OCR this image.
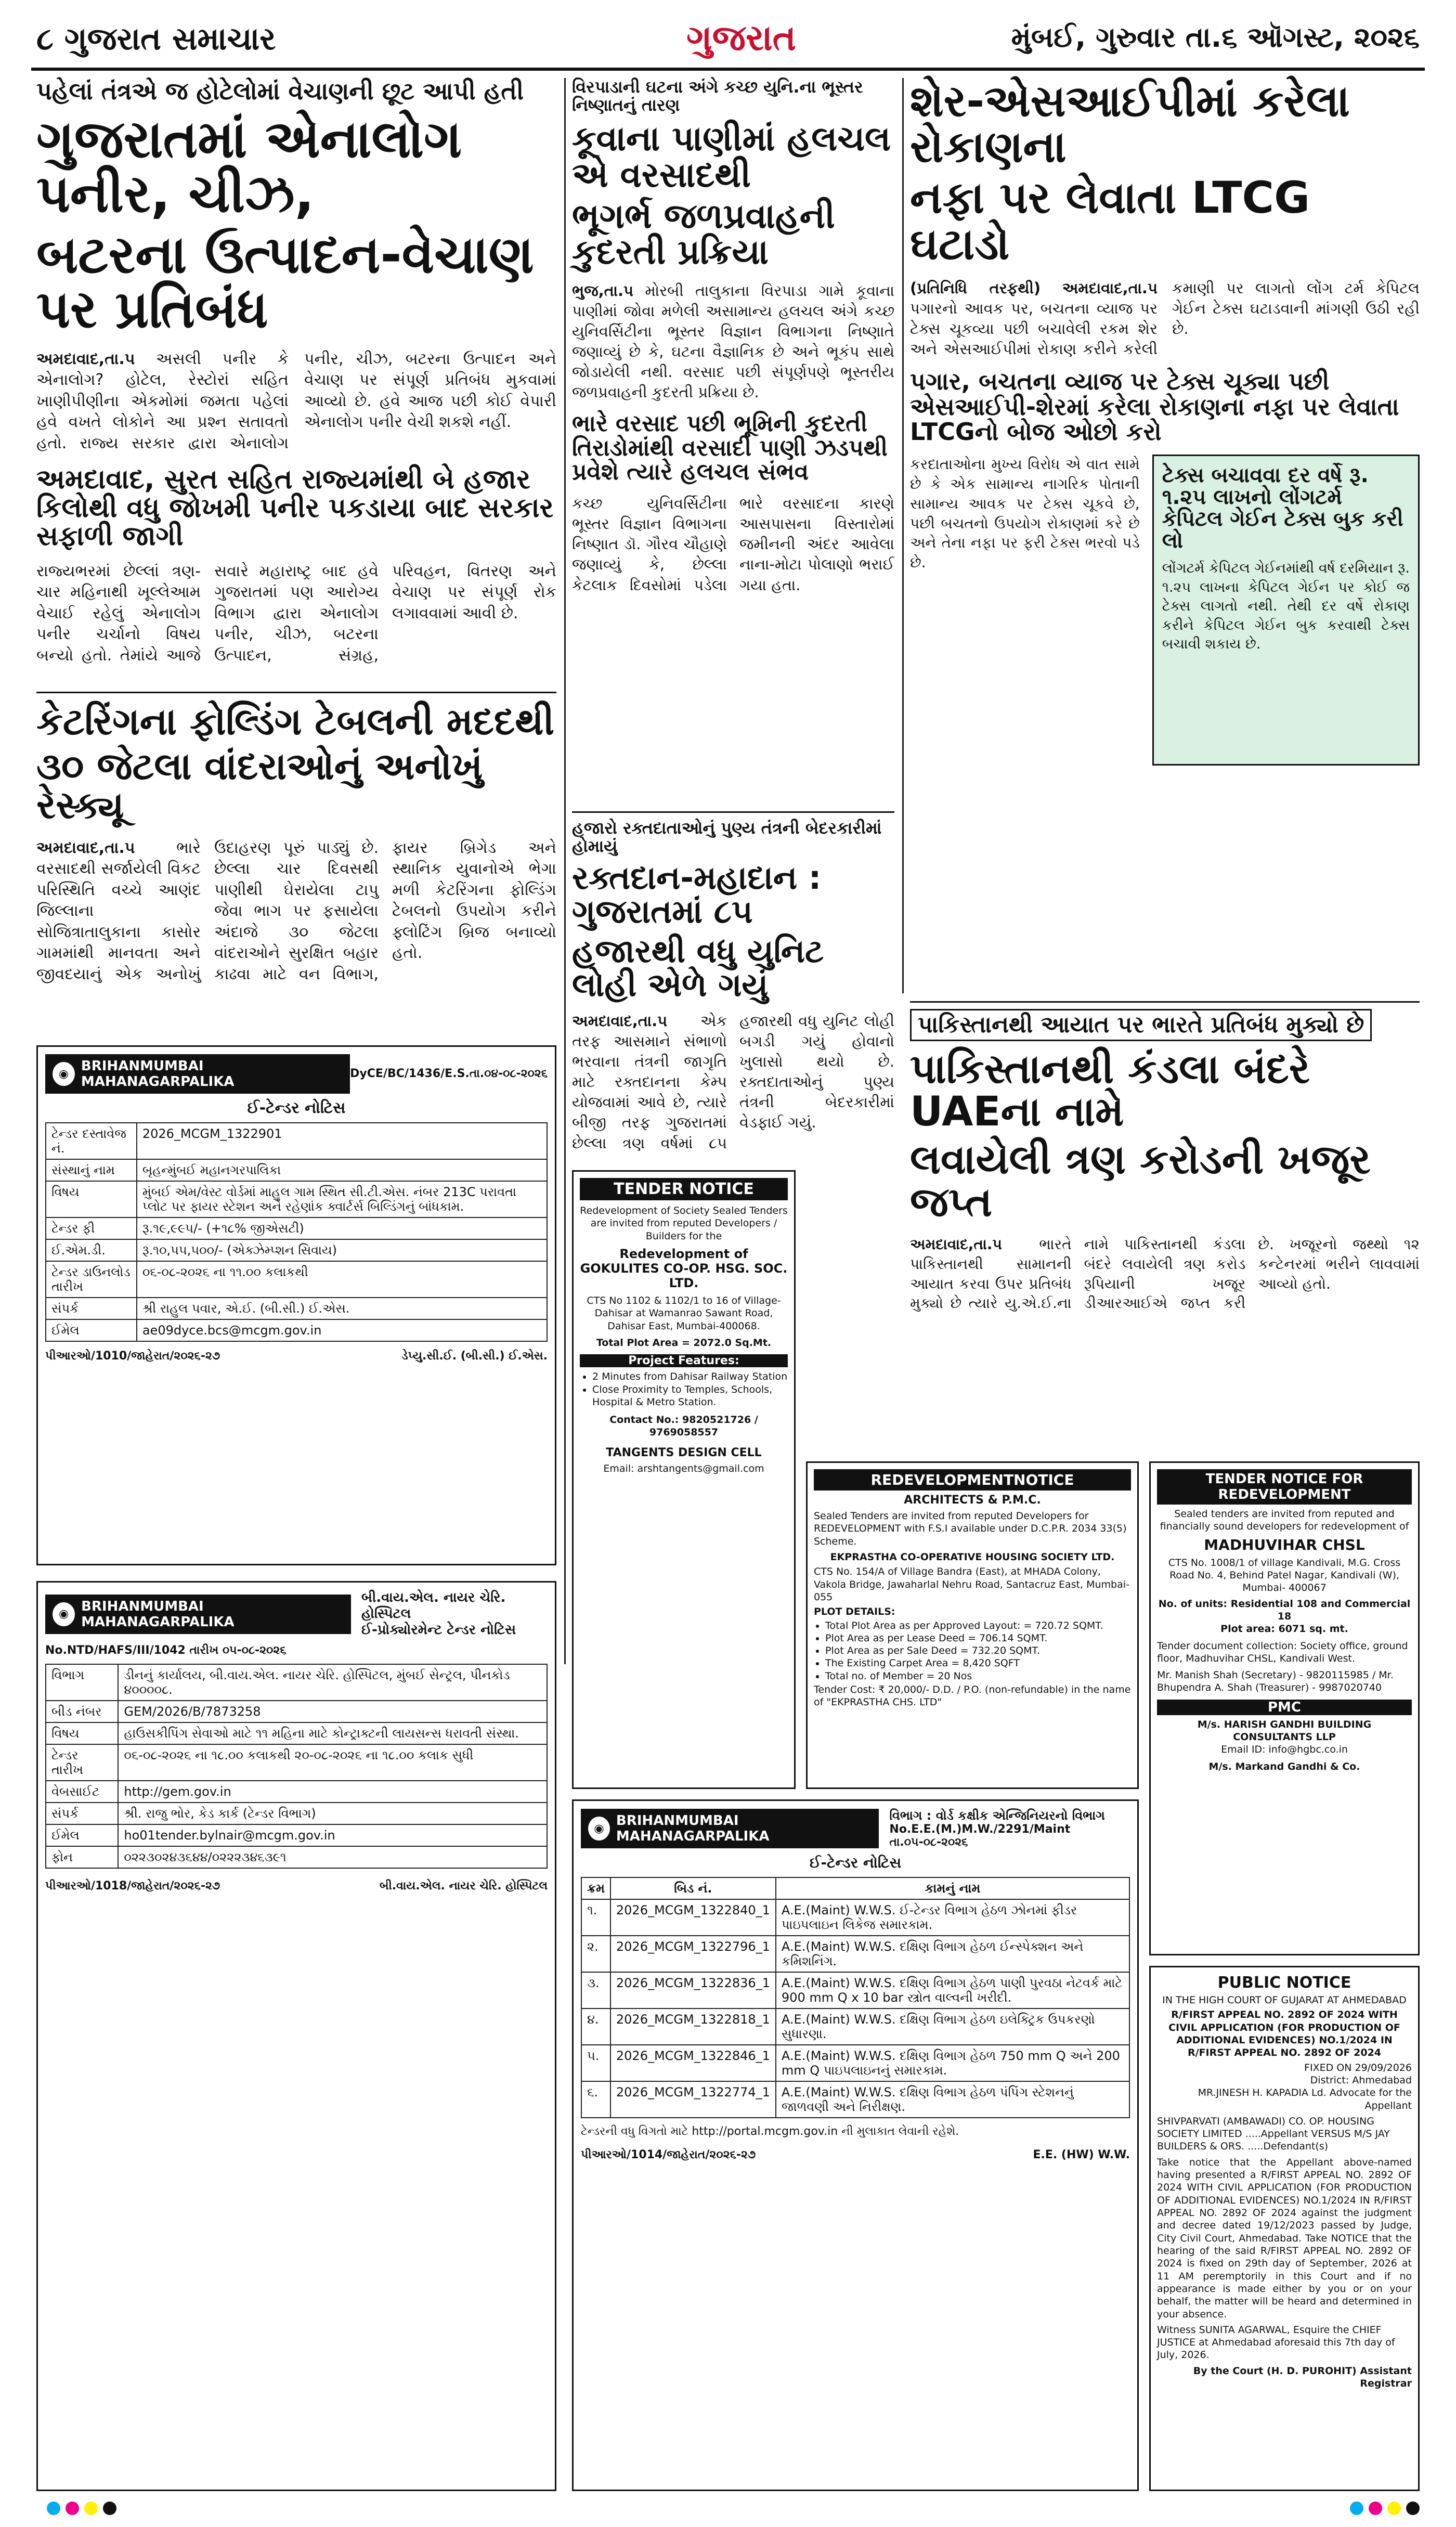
૮ ગુજરાત સમાચાર	ગુજરાત	મુંબઈ, ગુરુવાર તા.૬ ઑગસ્ટ, ૨૦૨૬
પહેલાં તંત્રએ જ હોટેલોમાં વેચાણની છૂટ આપી હતી
ગુજરાતમાં એનાલોગ પનીર, ચીઝ,
બટરના ઉત્પાદન-વેચાણ પર પ્રતિબંધ
અમદાવાદ,તા.૫ અસલી પનીર કે એનાલોગ? હોટેલ, રેસ્ટોરાં સહિત ખાણીપીણીના એકમોમાં જમતા પહેલાં હવે વખતે લોકોને આ પ્રશ્ન સતાવતો હતો. રાજ્ય સરકાર દ્વારા એનાલોગ પનીર, ચીઝ, બટરના ઉત્પાદન અને વેચાણ પર સંપૂર્ણ પ્રતિબંધ મુકવામાં આવ્યો છે. હવે આજ પછી કોઈ વેપારી એનાલોગ પનીર વેચી શકશે નહીં.
અમદાવાદ, સુરત સહિત રાજ્યમાંથી બે હજાર કિલોથી વધુ જોખમી પનીર પકડાયા બાદ સરકાર સફાળી જાગી
રાજ્યભરમાં છેલ્લાં ત્રણ-ચાર મહિનાથી ખૂલ્લેઆમ વેચાઈ રહેલું એનાલોગ પનીર ચર્ચાનો વિષય બન્યો હતો. તેમાંયે આજે સવારે મહારાષ્ટ્ર બાદ હવે ગુજરાતમાં પણ આરોગ્ય વિભાગ દ્વારા એનાલોગ પનીર, ચીઝ, બટરના ઉત્પાદન, સંગ્રહ, પરિવહન, વિતરણ અને વેચાણ પર સંપૂર્ણ રોક લગાવવામાં આવી છે.
કેટરિંગના ફોલ્ડિંગ ટેબલની મદદથી
૩૦ જેટલા વાંદરાઓનું અનોખું રેસ્ક્યૂ
અમદાવાદ,તા.૫	ભારે વરસાદથી સર્જાયેલી વિકટ પરિસ્થિતિ વચ્ચે આણંદ જિલ્લાના સોજિત્રાતાલુકાના કાસોર ગામમાંથી માનવતા અને જીવદયાનું એક અનોખું ઉદાહરણ પૂરું પાડ્યું છે. છેલ્લા ચાર દિવસથી પાણીથી ઘેરાયેલા ટાપુ જેવા ભાગ પર ફસાયેલા અંદાજે ૩૦ જેટલા વાંદરાઓને સુરક્ષિત બહાર કાઢવા માટે વન વિભાગ, ફાયર બ્રિગેડ અને સ્થાનિક યુવાનોએ ભેગા મળી કેટરિંગના ફોલ્ડિંગ ટેબલનો ઉપયોગ કરીને ફ્લોટિંગ બ્રિજ બનાવ્યો હતો.
વિરપાડાની ઘટના અંગે કચ્છ યુનિ.ના ભૂસ્તર નિષ્ણાતનું તારણ
કૂવાના પાણીમાં હલચલ એ વરસાદથી
ભૂગર્ભ જળપ્રવાહની કુદરતી પ્રક્રિયા
ભુજ,તા.૫ મોરબી તાલુકાના વિરપાડા ગામે કૂવાના પાણીમાં જોવા મળેલી અસામાન્ય હલચલ અંગે કચ્છ યુનિવર્સિટીના ભૂસ્તર વિજ્ઞાન વિભાગના નિષ્ણાતે જણાવ્યું છે કે, ઘટના વૈજ્ઞાનિક છે અને ભૂકંપ સાથે જોડાયેલી નથી. વરસાદ પછી સંપૂર્ણપણે ભૂસ્તરીય જળપ્રવાહની કુદરતી પ્રક્રિયા છે.
ભારે વરસાદ પછી ભૂમિની કુદરતી તિરાડોમાંથી વરસાદી પાણી ઝડપથી પ્રવેશે ત્યારે હલચલ સંભવ
કચ્છ યુનિવર્સિટીના ભૂસ્તર વિજ્ઞાન વિભાગના નિષ્ણાત ડૉ. ગૌરવ ચૌહાણે જણાવ્યું કે, છેલ્લા કેટલાક દિવસોમાં પડેલા ભારે વરસાદના કારણે આસપાસના વિસ્તારોમાં જમીનની અંદર આવેલા નાના-મોટા પોલાણો ભરાઈ ગયા હતા.
હજારો રક્તદાતાઓનું પુણ્ય તંત્રની બેદરકારીમાં હોમાયું
રક્તદાન-મહાદાન : ગુજરાતમાં ૮૫
હજારથી વધુ યુનિટ લોહી એળે ગયું
અમદાવાદ,તા.૫ એક તરફ આસમાને સંભાળો ભરવાના તંત્રની જાગૃતિ માટે રક્તદાનના કેમ્પ યોજવામાં આવે છે, ત્યારે બીજી તરફ ગુજરાતમાં છેલ્લા ત્રણ વર્ષમાં ૮૫ હજારથી વધુ યુનિટ લોહી બગડી ગયું હોવાનો ખુલાસો થયો છે. રક્તદાતાઓનું પુણ્ય તંત્રની બેદરકારીમાં વેડફાઈ ગયું.
શેર-એસઆઈપીમાં કરેલા રોકાણના
નફા પર લેવાતા LTCG ઘટાડો
(પ્રતિનિધિ તરફથી) અમદાવાદ,તા.૫ પગારનો આવક પર, બચતના વ્યાજ પર ટેક્સ ચૂકવ્યા પછી બચાવેલી રકમ શેર અને એસઆઈપીમાં રોકાણ કરીને કરેલી કમાણી પર લાગતો લોંગ ટર્મ કેપિટલ ગેઈન ટેક્સ ઘટાડવાની માંગણી ઉઠી રહી છે.
પગાર, બચતના વ્યાજ પર ટેક્સ ચૂક્યા પછી એસઆઈપી-શેરમાં કરેલા રોકાણના નફા પર લેવાતા LTCGનો બોજ ઓછો કરો
કરદાતાઓના મુખ્ય વિરોધ એ વાત સામે છે કે એક સામાન્ય નાગરિક પોતાની સામાન્ય આવક પર ટેક્સ ચૂકવે છે, પછી બચતનો ઉપયોગ રોકાણમાં કરે છે અને તેના નફા પર ફરી ટેક્સ ભરવો પડે છે.
ટેક્સ બચાવવા દર વર્ષે રૂ. ૧.૨૫ લાખનો લોંગટર્મ કેપિટલ ગેઈન ટેક્સ બુક કરી લો
લોંગટર્મ કેપિટલ ગેઈનમાંથી વર્ષ દરમિયાન રૂ. ૧.૨૫ લાખના કેપિટલ ગેઈન પર કોઈ જ ટેક્સ લાગતો નથી. તેથી દર વર્ષે રોકાણ કરીને કેપિટલ ગેઈન બુક કરવાથી ટેક્સ બચાવી શકાય છે.
પાકિસ્તાનથી આયાત પર ભારતે પ્રતિબંધ મુક્યો છે
પાકિસ્તાનથી કંડલા બંદરે UAEના નામે
લવાયેલી ત્રણ કરોડની ખજૂર જપ્ત
અમદાવાદ,તા.૫	ભારતે પાકિસ્તાનથી સામાનની આયાત કરવા ઉપર પ્રતિબંધ મુક્યો છે ત્યારે યુ.એ.ઈ.ના નામે પાકિસ્તાનથી કંડલા બંદરે લવાયેલી ત્રણ કરોડ રૂપિયાની ખજૂર ડીઆરઆઈએ જપ્ત કરી છે. ખજૂરનો જથ્થો ૧૨ કન્ટેનરમાં ભરીને લાવવામાં આવ્યો હતો.
◉ BRIHANMUMBAI MAHANAGARPALIKA
DyCE/BC/1436/E.S.તા.૦૪-૦૮-૨૦૨૬
ઈ-ટેન્ડર નોટિસ
ટેન્ડર દસ્તાવેજ નં.	2026_MCGM_1322901
સંસ્થાનું નામ	બૃહન્મુંબઈ મહાનગરપાલિકા
વિષય	મુંબઈ એમ/વેસ્ટ વોર્ડમાં માહુલ ગામ સ્થિત સી.ટી.એસ. નંબર 213C પરાવતા પ્લોટ પર ફાયર સ્ટેશન અને રહેણાંક ક્વાર્ટર્સ બિલ્ડિંગનું બાંધકામ.
ટેન્ડર ફી	રૂ.૧૯,૯૯૫/- (+૧૮% જીએસટી)
ઈ.એમ.ડી.	રૂ.૧૦,૫૫,૫૦૦/- (એક્ઝેમ્પ્શન સિવાય)
ટેન્ડર ડાઉનલોડ તારીખ	૦૬-૦૮-૨૦૨૬ ના ૧૧.૦૦ કલાકથી
સંપર્ક	શ્રી રાહુલ પવાર, એ.ઈ. (બી.સી.) ઈ.એસ.
ઈમેલ	ae09dyce.bcs@mcgm.gov.in
પીઆરઓ/1010/જાહેરાત/૨૦૨૬-૨૭	ડેપ્યુ.સી.ઈ. (બી.સી.) ઈ.એસ.
◉ BRIHANMUMBAI MAHANAGARPALIKA
બી.વાય.એલ. નાયર ચેરિ. હોસ્પિટલ
ઈ-પ્રોક્યોરમેન્ટ ટેન્ડર નોટિસ
No.NTD/HAFS/III/1042 તારીખ ૦૫-૦૮-૨૦૨૬
વિભાગ	ડીનનું કાર્યાલય, બી.વાય.એલ. નાયર ચેરિ. હોસ્પિટલ, મુંબઈ સેન્ટ્રલ, પીનકોડ ૪૦૦૦૦૮.
બીડ નંબર	GEM/2026/B/7873258
વિષય	હાઉસકીપિંગ સેવાઓ માટે ૧૧ મહિના માટે કોન્ટ્રાક્ટની લાયસન્સ ધરાવતી સંસ્થા.
ટેન્ડર તારીખ	૦૬-૦૮-૨૦૨૬ ના ૧૮.૦૦ કલાકથી ૨૦-૦૮-૨૦૨૬ ના ૧૮.૦૦ કલાક સુધી
વેબસાઈટ	http://gem.gov.in
સંપર્ક	શ્રી. રાજુ ભોર, કેડ કાર્ક (ટેન્ડર વિભાગ)
ઈમેલ	ho01tender.bylnair@mcgm.gov.in
ફોન	૦૨૨૩૦૨૪૩૬૪૪/૦૨૨૨૩૪૬૩૯૧
પીઆરઓ/1018/જાહેરાત/૨૦૨૬-૨૭	બી.વાય.એલ. નાયર ચેરિ. હોસ્પિટલ
TENDER NOTICE
Redevelopment of Society Sealed Tenders are invited from reputed Developers / Builders for the
Redevelopment of GOKULITES CO-OP. HSG. SOC. LTD.
CTS No 1102 & 1102/1 to 16 of Village-Dahisar at Wamanrao Sawant Road, Dahisar East, Mumbai-400068.
Total Plot Area = 2072.0 Sq.Mt.
Project Features:
• 2 Minutes from Dahisar Railway Station
• Close Proximity to Temples, Schools, Hospital & Metro Station.
Contact No.: 9820521726 / 9769058557
TANGENTS DESIGN CELL
Email: arshtangents@gmail.com
◉ BRIHANMUMBAI MAHANAGARPALIKA
વિભાગ : વોર્ડ કક્ષીક એન્જિનિયરનો વિભાગ
No.E.E.(M.)M.W./2291/Maint તા.૦૫-૦૮-૨૦૨૬
ઈ-ટેન્ડર નોટિસ
ક્રમ	બિડ નં.	કામનું નામ
૧.	2026_MCGM_1322840_1	A.E.(Maint) W.W.S. ઈ-ટેન્ડર વિભાગ હેઠળ ઝોનમાં ફીડર પાઇપલાઇન લિકેજ સમારકામ.
૨.	2026_MCGM_1322796_1	A.E.(Maint) W.W.S. દક્ષિણ વિભાગ હેઠળ ઈન્સ્પેક્શન અને કમિશનિંગ.
૩.	2026_MCGM_1322836_1	A.E.(Maint) W.W.S. દક્ષિણ વિભાગ હેઠળ પાણી પુરવઠા નેટવર્ક માટે 900 mm Q x 10 bar સ્ત્રોત વાલ્વની ખરીદી.
૪.	2026_MCGM_1322818_1	A.E.(Maint) W.W.S. દક્ષિણ વિભાગ હેઠળ ઇલેક્ટ્રિક ઉપકરણો સુધારણા.
૫.	2026_MCGM_1322846_1	A.E.(Maint) W.W.S. દક્ષિણ વિભાગ હેઠળ 750 mm Q અને 200 mm Q પાઇપલાઇનનું સમારકામ.
૬.	2026_MCGM_1322774_1	A.E.(Maint) W.W.S. દક્ષિણ વિભાગ હેઠળ પંપિંગ સ્ટેશનનું જાળવણી અને નિરીક્ષણ.
ટેન્ડરની વધુ વિગતો માટે http://portal.mcgm.gov.in ની મુલાકાત લેવાની રહેશે.
પીઆરઓ/1014/જાહેરાત/૨૦૨૬-૨૭	E.E. (HW) W.W.
REDEVELOPMENTNOTICE
ARCHITECTS & P.M.C.
Sealed Tenders are invited from reputed Developers for REDEVELOPMENT with F.S.I available under D.C.P.R. 2034 33(5) Scheme.
EKPRASTHA CO-OPERATIVE HOUSING SOCIETY LTD.
CTS No. 154/A of Village Bandra (East), at MHADA Colony, Vakola Bridge, Jawaharlal Nehru Road, Santacruz East, Mumbai-055
PLOT DETAILS:
• Total Plot Area as per Approved Layout: = 720.72 SQMT.
• Plot Area as per Lease Deed = 706.14 SQMT.
• Plot Area as per Sale Deed = 732.20 SQMT.
• The Existing Carpet Area = 8,420 SQFT
• Total no. of Member = 20 Nos
Tender Cost: ₹ 20,000/- D.D. / P.O. (non-refundable) in the name of "EKPRASTHA CHS. LTD"
TENDER NOTICE FOR REDEVELOPMENT
Sealed tenders are invited from reputed and financially sound developers for redevelopment of
MADHUVIHAR CHSL
CTS No. 1008/1 of village Kandivali, M.G. Cross Road No. 4, Behind Patel Nagar, Kandivali (W), Mumbai- 400067
No. of units: Residential 108 and Commercial 18
Plot area: 6071 sq. mt.
Tender document collection: Society office, ground floor, Madhuvihar CHSL, Kandivali West.
Mr. Manish Shah (Secretary) - 9820115985 / Mr. Bhupendra A. Shah (Treasurer) - 9987020740
PMC
M/s. HARISH GANDHI BUILDING CONSULTANTS LLP
Email ID: info@hgbc.co.in
M/s. Markand Gandhi & Co.
PUBLIC NOTICE
IN THE HIGH COURT OF GUJARAT AT AHMEDABAD
R/FIRST APPEAL NO. 2892 OF 2024 WITH CIVIL APPLICATION (FOR PRODUCTION OF ADDITIONAL EVIDENCES) NO.1/2024 IN R/FIRST APPEAL NO. 2892 OF 2024
FIXED ON 29/09/2026
District: Ahmedabad
MR.JINESH H. KAPADIA Ld. Advocate for the Appellant
SHIVPARVATI (AMBAWADI) CO. OP. HOUSING SOCIETY LIMITED .....Appellant VERSUS M/S JAY BUILDERS & ORS. .....Defendant(s)
Take notice that the Appellant above-named having presented a R/FIRST APPEAL NO. 2892 OF 2024 WITH CIVIL APPLICATION (FOR PRODUCTION OF ADDITIONAL EVIDENCES) NO.1/2024 IN R/FIRST APPEAL NO. 2892 OF 2024 against the judgment and decree dated 19/12/2023 passed by Judge, City Civil Court, Ahmedabad. Take NOTICE that the hearing of the said R/FIRST APPEAL NO. 2892 OF 2024 is fixed on 29th day of September, 2026 at 11 AM peremptorily in this Court and if no appearance is made either by you or on your behalf, the matter will be heard and determined in your absence.
Witness SUNITA AGARWAL, Esquire the CHIEF JUSTICE at Ahmedabad aforesaid this 7th day of July, 2026.
By the Court (H. D. PUROHIT) Assistant Registrar
